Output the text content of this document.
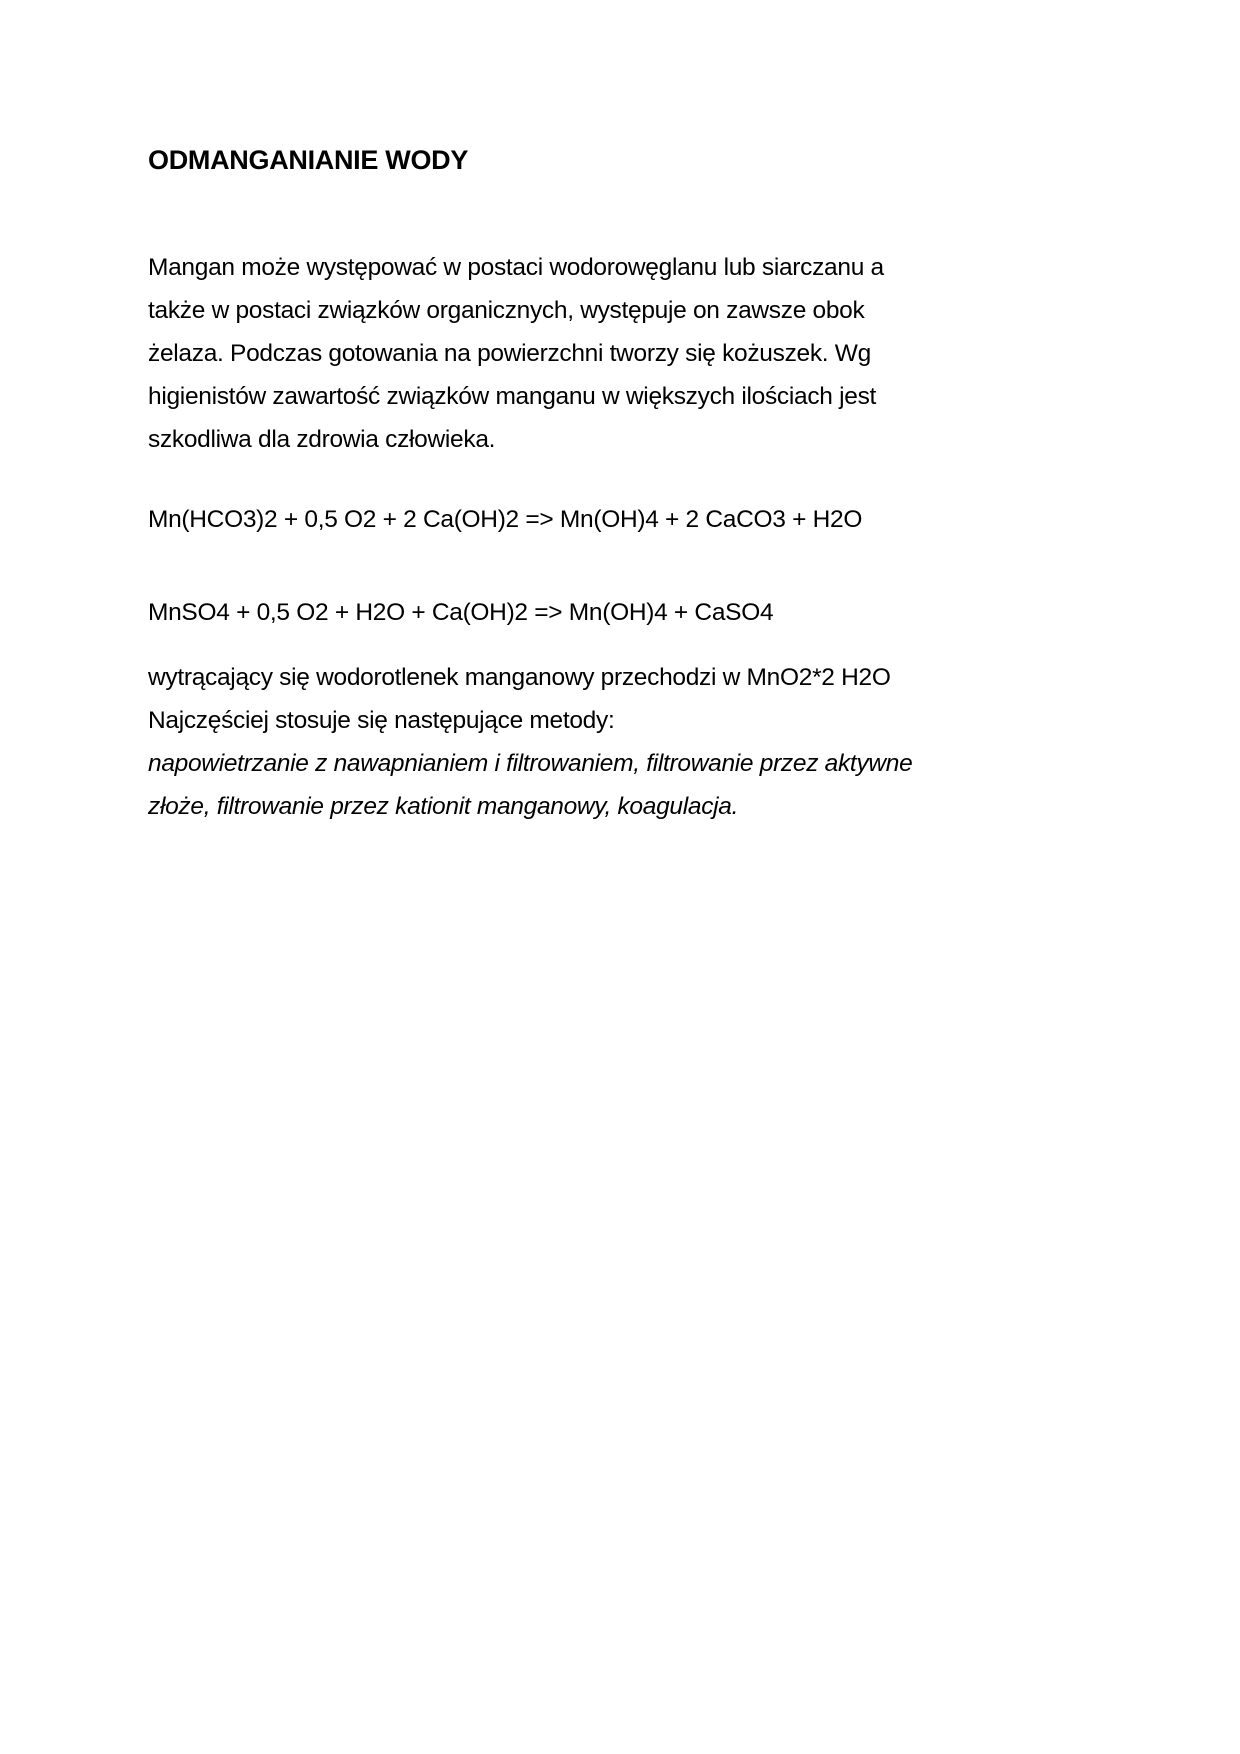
ODMANGANIANIE WODY
Mangan może występować w postaci wodorowęglanu lub siarczanu a
także w postaci związków organicznych, występuje on zawsze obok
żelaza. Podczas gotowania na powierzchni tworzy się kożuszek. Wg
higienistów zawartość związków manganu w większych ilościach jest
szkodliwa dla zdrowia człowieka.
Mn(HCO3)2 + 0,5 O2 + 2 Ca(OH)2 => Mn(OH)4 + 2 CaCO3 + H2O
MnSO4 + 0,5 O2 + H2O + Ca(OH)2 => Mn(OH)4 + CaSO4
wytrącający się wodorotlenek manganowy przechodzi w MnO2*2 H2O
Najczęściej stosuje się następujące metody:
napowietrzanie z nawapnianiem i filtrowaniem, filtrowanie przez aktywne
złoże, filtrowanie przez kationit manganowy, koagulacja.
